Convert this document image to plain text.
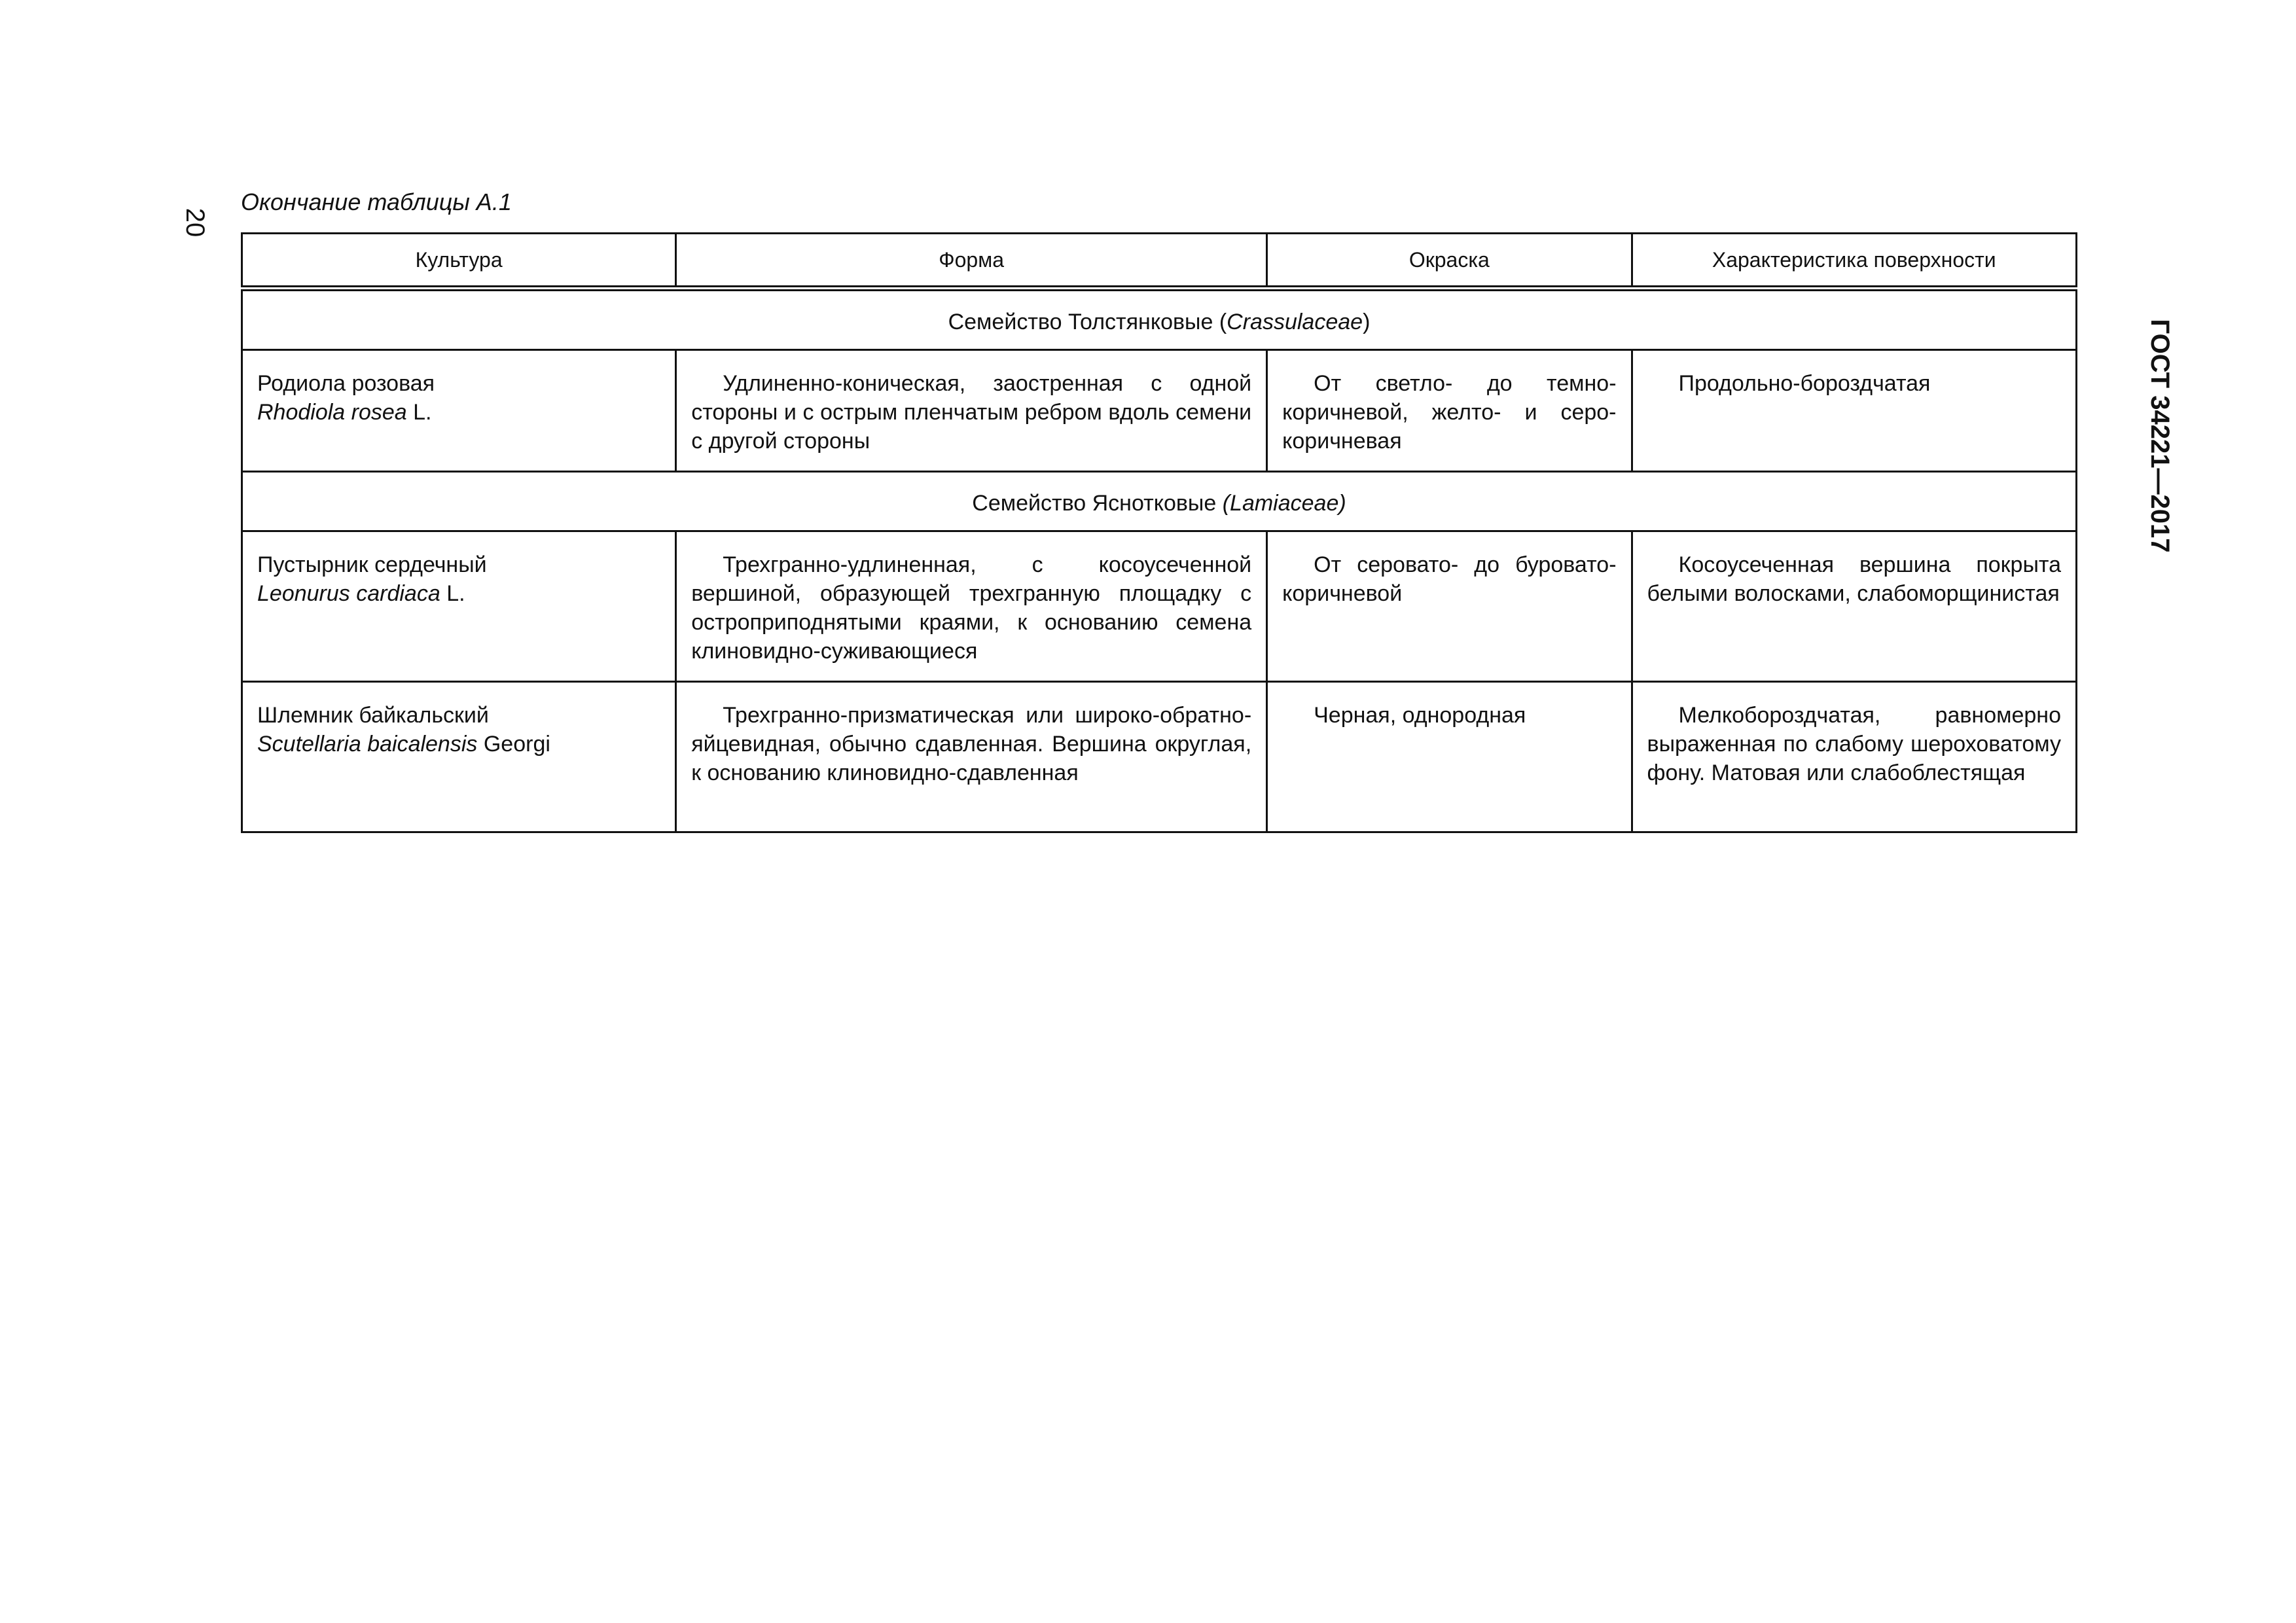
20
ГОСТ 34221—2017
Окончание таблицы А.1
Культура	Форма	Окраска	Характеристика поверхности
Семейство Толстянковые (Crassulaceae)			

Родиола розовая
Rhodiola rosea L.	Удлиненно-коническая, заостренная с одной стороны и с острым пленчатым ребром вдоль семени с другой стороны	От светло- до темно-коричневой, желто- и серо-коричневая	Продольно-бороздчатая
Семейство Яснотковые (Lamiaceae)			

Пустырник сердечный
Leonurus cardiaca L.	Трехгранно-удлиненная, с косоусеченной вершиной, образующей трехгранную площадку с остроприподнятыми краями, к основанию семена клиновидно-суживающиеся	От серовато- до буровато-коричневой	Косоусеченная вершина покрыта белыми волосками, слабоморщинистая

Шлемник байкальский
Scutellaria baicalensis Georgi	Трехгранно-призматическая или широко-обратно-яйцевидная, обычно сдавленная. Вершина округлая, к основанию клиновидно-сдавленная	Черная, однородная	Мелкобороздчатая, равномерно выраженная по слабому шероховатому фону. Матовая или слабоблестящая
